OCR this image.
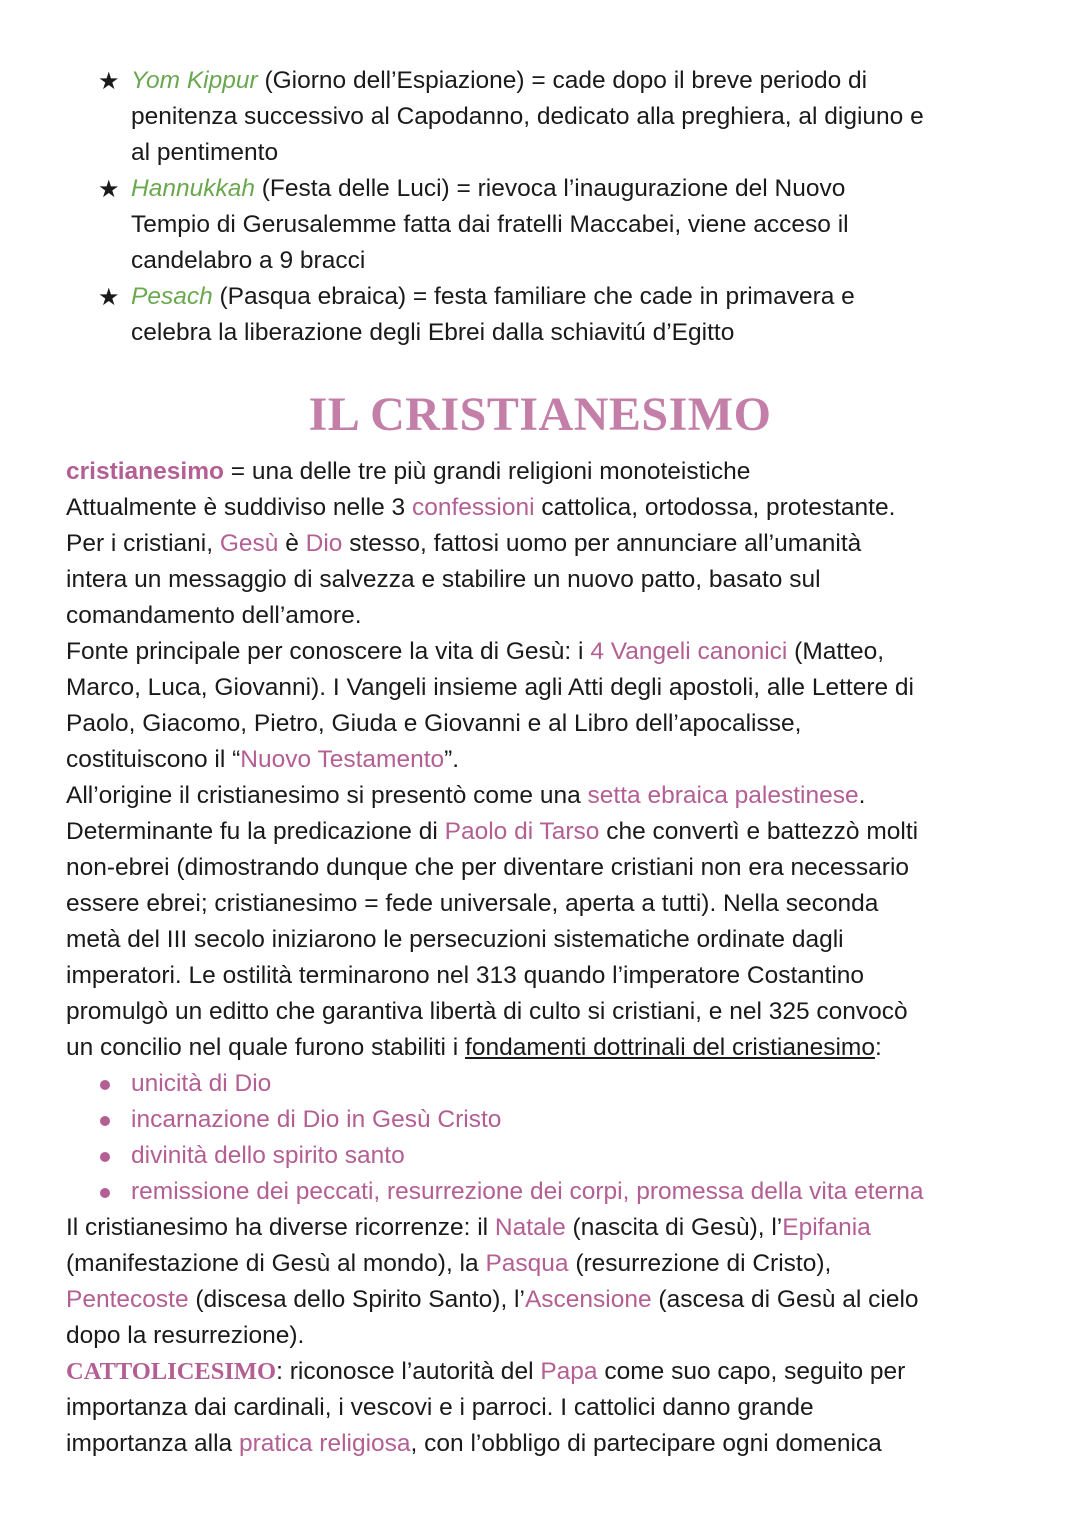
★ Yom Kippur (Giorno dell’Espiazione) = cade dopo il breve periodo di
penitenza successivo al Capodanno, dedicato alla preghiera, al digiuno e
al pentimento
★ Hannukkah (Festa delle Luci) = rievoca l’inaugurazione del Nuovo
Tempio di Gerusalemme fatta dai fratelli Maccabei, viene acceso il
candelabro a 9 bracci
★ Pesach (Pasqua ebraica) = festa familiare che cade in primavera e
celebra la liberazione degli Ebrei dalla schiavitú d’Egitto
IL CRISTIANESIMO
cristianesimo = una delle tre più grandi religioni monoteistiche
Attualmente è suddiviso nelle 3 confessioni cattolica, ortodossa, protestante.
Per i cristiani, Gesù è Dio stesso, fattosi uomo per annunciare all’umanità
intera un messaggio di salvezza e stabilire un nuovo patto, basato sul
comandamento dell’amore.
Fonte principale per conoscere la vita di Gesù: i 4 Vangeli canonici (Matteo,
Marco, Luca, Giovanni). I Vangeli insieme agli Atti degli apostoli, alle Lettere di
Paolo, Giacomo, Pietro, Giuda e Giovanni e al Libro dell’apocalisse,
costituiscono il “Nuovo Testamento”.
All’origine il cristianesimo si presentò come una setta ebraica palestinese.
Determinante fu la predicazione di Paolo di Tarso che convertì e battezzò molti
non-ebrei (dimostrando dunque che per diventare cristiani non era necessario
essere ebrei; cristianesimo = fede universale, aperta a tutti). Nella seconda
metà del III secolo iniziarono le persecuzioni sistematiche ordinate dagli
imperatori. Le ostilità terminarono nel 313 quando l’imperatore Costantino
promulgò un editto che garantiva libertà di culto si cristiani, e nel 325 convocò
un concilio nel quale furono stabiliti i fondamenti dottrinali del cristianesimo:
unicità di Dio
incarnazione di Dio in Gesù Cristo
divinità dello spirito santo
remissione dei peccati, resurrezione dei corpi, promessa della vita eterna
Il cristianesimo ha diverse ricorrenze: il Natale (nascita di Gesù), l’Epifania
(manifestazione di Gesù al mondo), la Pasqua (resurrezione di Cristo),
Pentecoste (discesa dello Spirito Santo), l’Ascensione (ascesa di Gesù al cielo
dopo la resurrezione).
CATTOLICESIMO: riconosce l’autorità del Papa come suo capo, seguito per
importanza dai cardinali, i vescovi e i parroci. I cattolici danno grande
importanza alla pratica religiosa, con l’obbligo di partecipare ogni domenica
